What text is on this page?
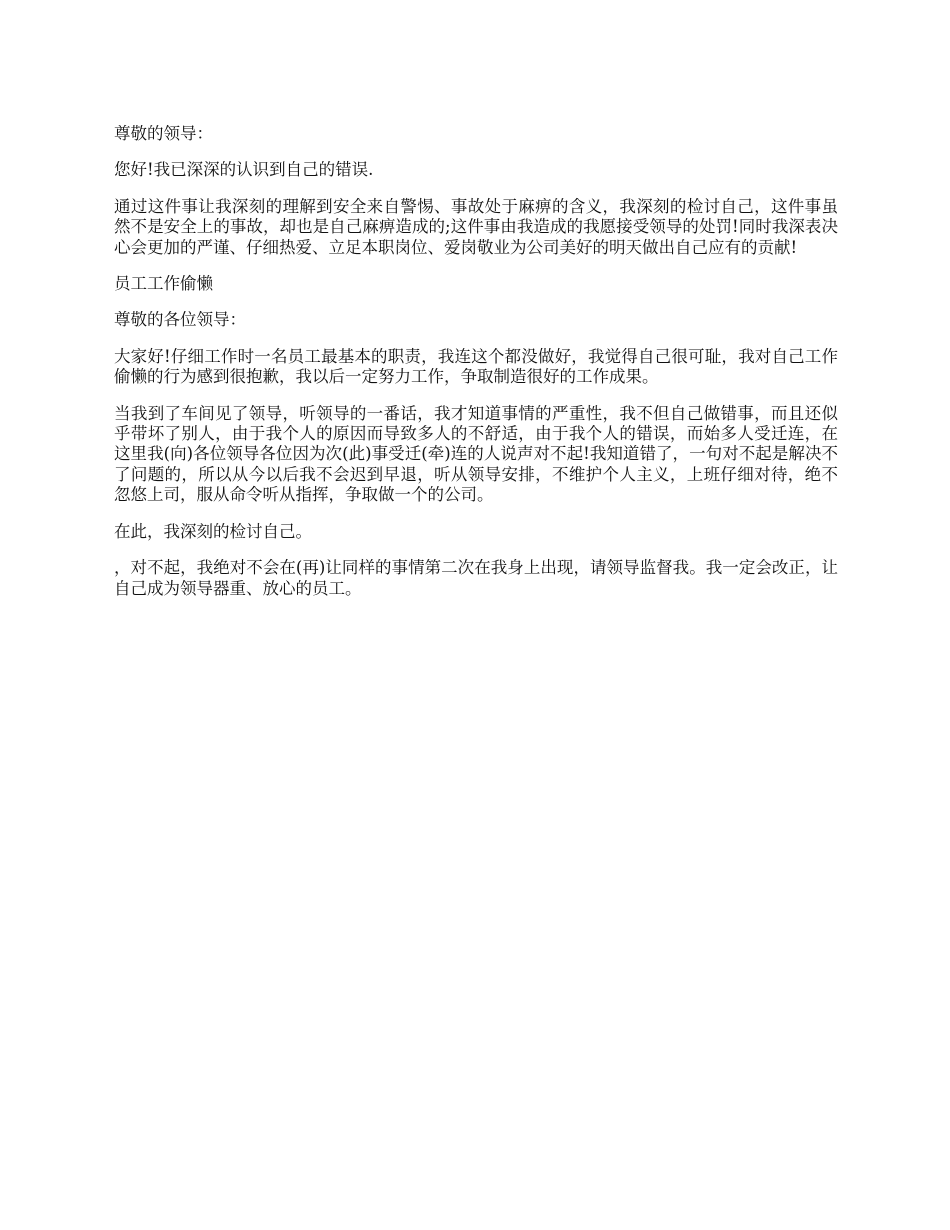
尊敬的领导：

您好!我已深深的认识到自己的错误.

通过这件事让我深刻的理解到安全来自警惕、事故处于麻痹的含义，我深刻的检讨自己，这件事虽然不是安全上的事故，却也是自己麻痹造成的;这件事由我造成的我愿接受领导的处罚!同时我深表决心会更加的严谨、仔细热爱、立足本职岗位、爱岗敬业为公司美好的明天做出自己应有的贡献!

员工工作偷懒

尊敬的各位领导：

大家好!仔细工作时一名员工最基本的职责，我连这个都没做好，我觉得自己很可耻，我对自己工作偷懒的行为感到很抱歉，我以后一定努力工作，争取制造很好的工作成果。

当我到了车间见了领导，听领导的一番话，我才知道事情的严重性，我不但自己做错事，而且还似乎带坏了别人，由于我个人的原因而导致多人的不舒适，由于我个人的错误，而始多人受迁连，在这里我(向)各位领导各位因为次(此)事受迁(牵)连的人说声对不起!我知道错了，一句对不起是解决不了问题的，所以从今以后我不会迟到早退，听从领导安排，不维护个人主义，上班仔细对待，绝不忽悠上司，服从命令听从指挥，争取做一个的公司。

在此，我深刻的检讨自己。

，对不起，我绝对不会在(再)让同样的事情第二次在我身上出现，请领导监督我。我一定会改正，让自己成为领导器重、放心的员工。
